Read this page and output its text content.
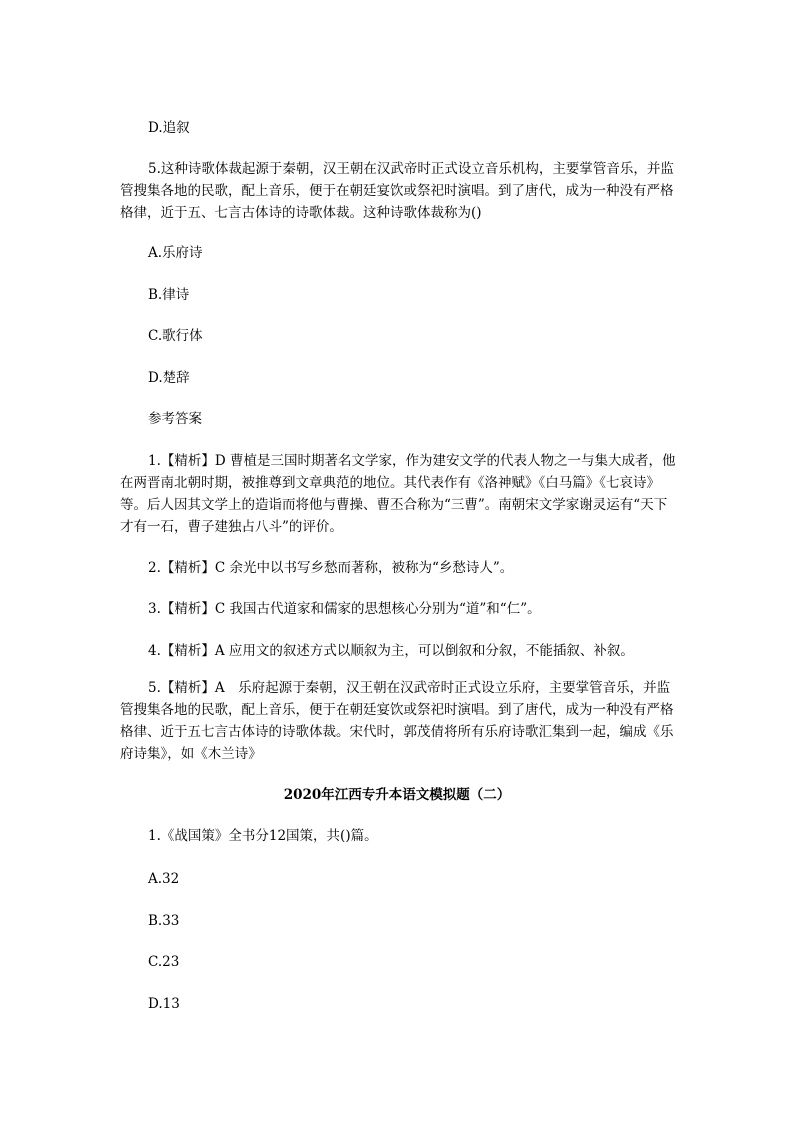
D.追叙
5.这种诗歌体裁起源于秦朝，汉王朝在汉武帝时正式设立音乐机构，主要掌管音乐，并监管搜集各地的民歌，配上音乐，便于在朝廷宴饮或祭祀时演唱。到了唐代，成为一种没有严格格律，近于五、七言古体诗的诗歌体裁。这种诗歌体裁称为()
A.乐府诗
B.律诗
C.歌行体
D.楚辞
参考答案
1.【精析】D 曹植是三国时期著名文学家，作为建安文学的代表人物之一与集大成者，他在两晋南北朝时期，被推尊到文章典范的地位。其代表作有《洛神赋》《白马篇》《七哀诗》等。后人因其文学上的造诣而将他与曹操、曹丕合称为“三曹”。南朝宋文学家谢灵运有“天下才有一石，曹子建独占八斗”的评价。
2.【精析】C 余光中以书写乡愁而著称，被称为“乡愁诗人”。
3.【精析】C 我国古代道家和儒家的思想核心分别为“道”和“仁”。
4.【精析】A 应用文的叙述方式以顺叙为主，可以倒叙和分叙，不能插叙、补叙。
5.【精析】A　乐府起源于秦朝，汉王朝在汉武帝时正式设立乐府，主要掌管音乐，并监管搜集各地的民歌，配上音乐，便于在朝廷宴饮或祭祀时演唱。到了唐代，成为一种没有严格格律、近于五七言古体诗的诗歌体裁。宋代时，郭茂倩将所有乐府诗歌汇集到一起，编成《乐府诗集》，如《木兰诗》
2020年江西专升本语文模拟题（二）
1.《战国策》全书分12国策，共()篇。
A.32
B.33
C.23
D.13
